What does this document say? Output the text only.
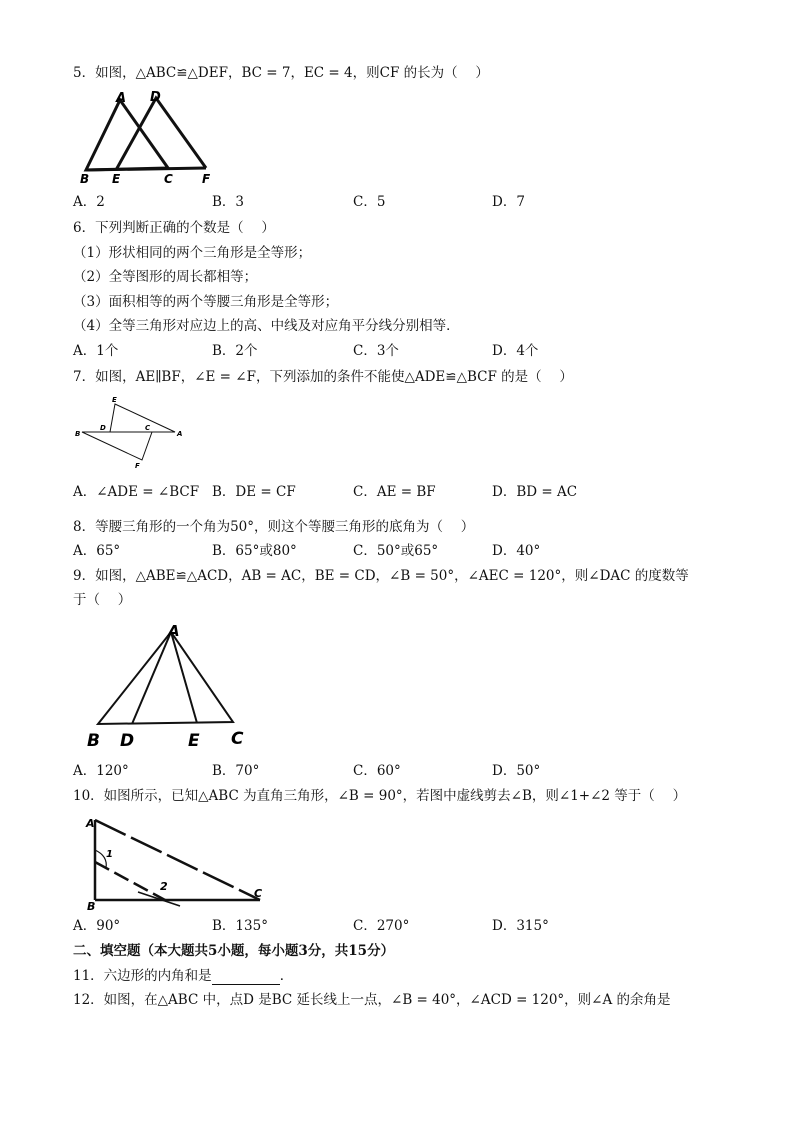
5．如图，△ABC≌△DEF，BC = 7，EC = 4，则CF 的长为（　 ）
A D
B E	C F
A．2	B．3	C．5	D．7
6．下列判断正确的个数是（　 ）
（1）形状相同的两个三角形是全等形；
（2）全等图形的周长都相等；
（3）面积相等的两个等腰三角形是全等形；
（4）全等三角形对应边上的高、中线及对应角平分线分别相等．
A．1个	B．2个	C．3个	D．4个
7．如图，AE∥BF，∠E = ∠F，下列添加的条件不能使△ADE≌△BCF 的是（　 ）
E
B
D	C
A
F
A．∠ADE = ∠BCF B．DE = CF	C．AE = BF	D．BD = AC
8．等腰三角形的一个角为50°，则这个等腰三角形的底角为（　 ）
A．65°	B．65°或80°	C．50°或65°	D．40°
9．如图，△ABE≌△ACD，AB = AC，BE = CD，∠B = 50°，∠AEC = 120°，则∠DAC 的度数等
于（　 ）
A
B D	E C
A．120°	B．70°	C．60°	D．50°
10．如图所示，已知△ABC 为直角三角形，∠B = 90°，若图中虚线剪去∠B，则∠1+∠2 等于（　 ）
A
1
2
B
C
A．90°	B．135°	C．270°	D．315°
二、填空题（本大题共5小题，每小题3分，共15分）
11．六边形的内角和是	．
12．如图，在△ABC 中，点D 是BC 延长线上一点，∠B = 40°，∠ACD = 120°，则∠A 的余角是
